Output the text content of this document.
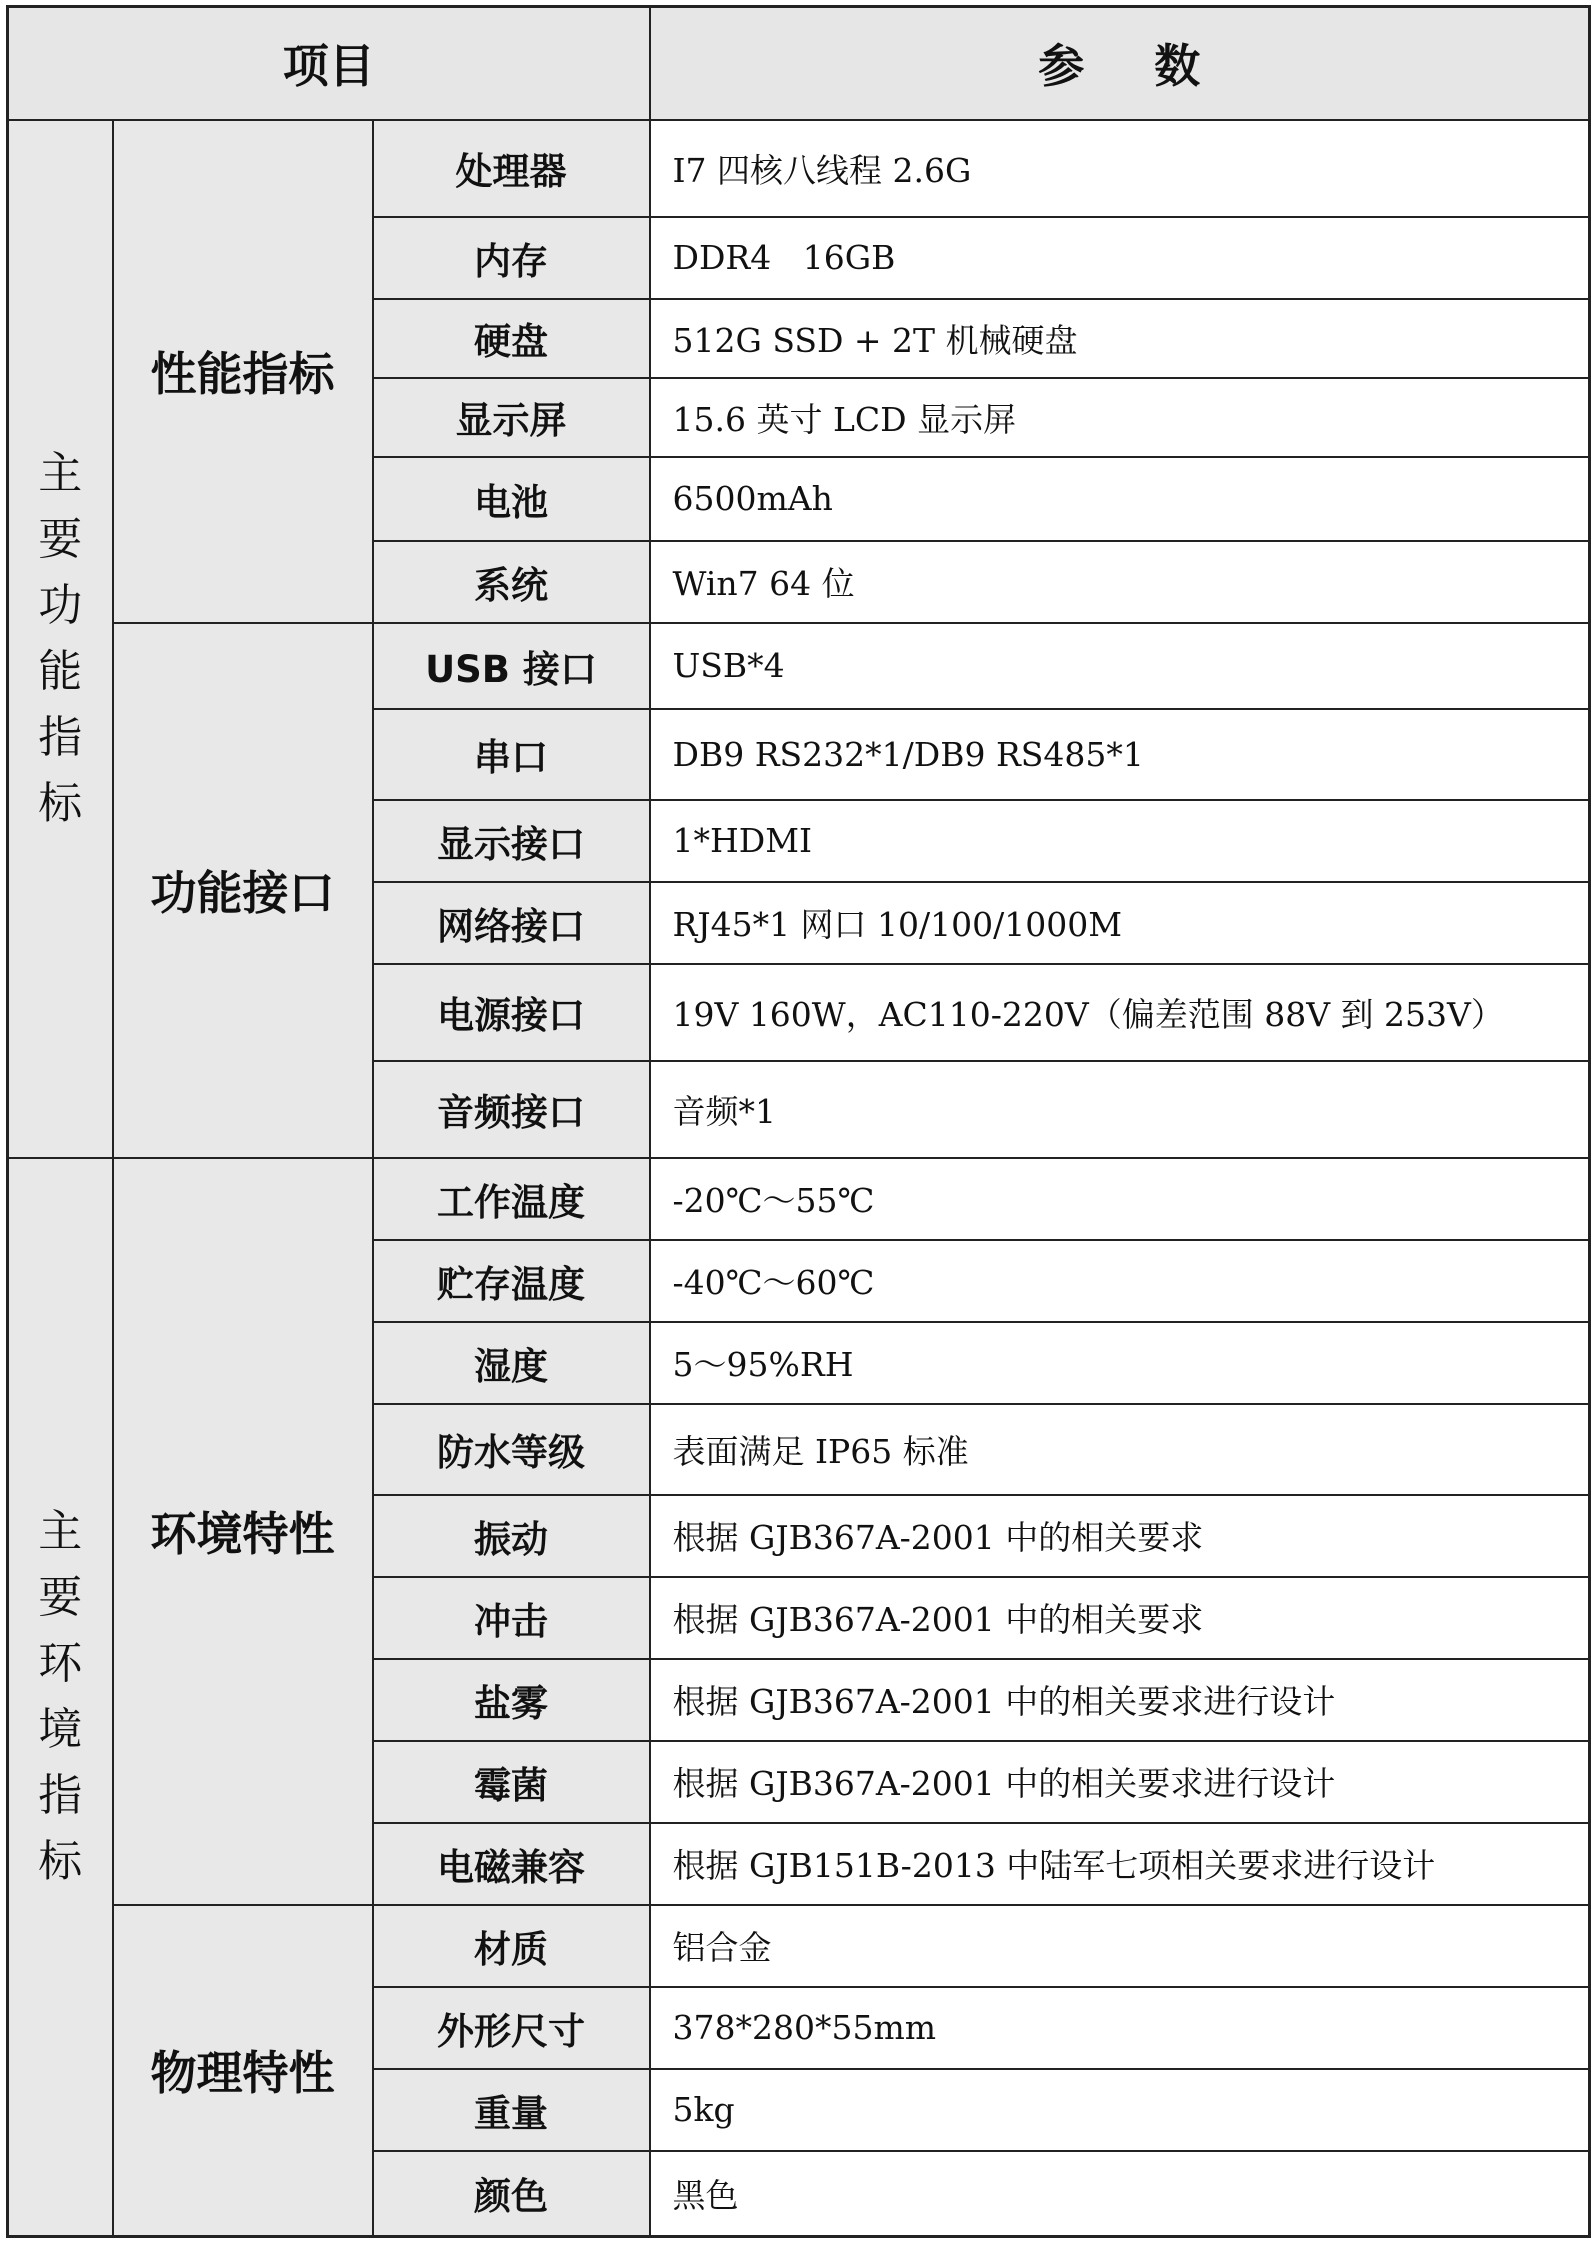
项目			参数
主要功能指标	性能指标	处理器	I7 四核八线程 2.6G
		内存	DDR4   16GB
		硬盘	512G SSD + 2T 机械硬盘
		显示屏	15.6 英寸 LCD 显示屏
		电池	6500mAh
		系统	Win7 64 位
	功能接口	USB 接口	USB*4
		串口	DB9 RS232*1/DB9 RS485*1
		显示接口	1*HDMI
		网络接口	RJ45*1 网口 10/100/1000M
		电源接口	19V 160W，AC110-220V（偏差范围 88V 到 253V）
		音频接口	音频*1
主要环境指标	环境特性	工作温度	-20℃～55℃
		贮存温度	-40℃～60℃
		湿度	5～95%RH
		防水等级	表面满足 IP65 标准
		振动	根据 GJB367A-2001 中的相关要求
		冲击	根据 GJB367A-2001 中的相关要求
		盐雾	根据 GJB367A-2001 中的相关要求进行设计
		霉菌	根据 GJB367A-2001 中的相关要求进行设计
		电磁兼容	根据 GJB151B-2013 中陆军七项相关要求进行设计
	物理特性	材质	铝合金
		外形尺寸	378*280*55mm
		重量	5kg
		颜色	黑色
